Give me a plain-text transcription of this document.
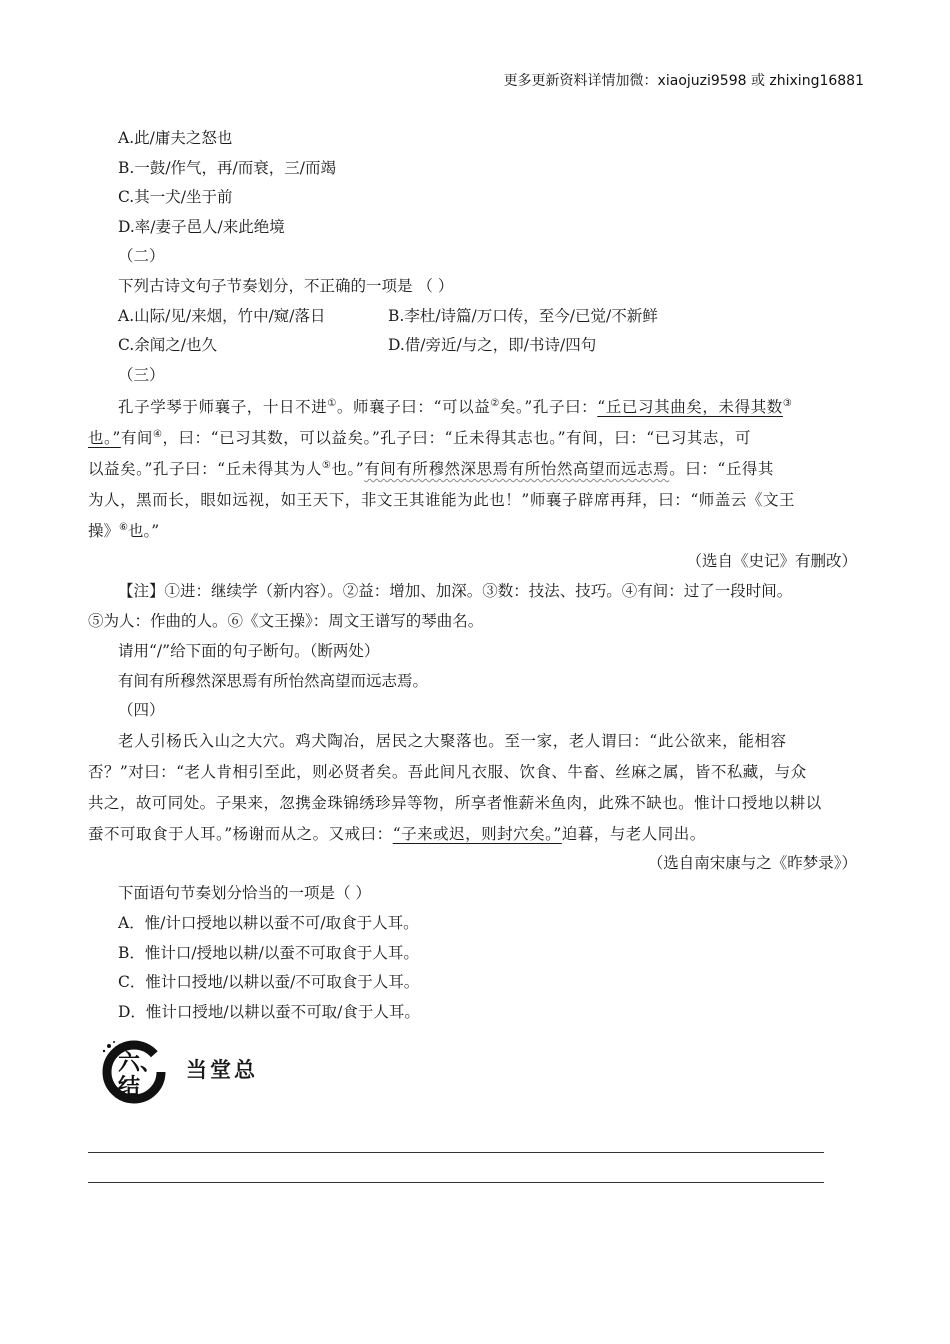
更多更新资料详情加微：xiaojuzi9598 或 zhixing16881
A.此/庸夫之怒也
B.一鼓/作气，再/而衰，三/而竭
C.其一犬/坐于前
D.率/妻子邑人/来此绝境
（二）
下列古诗文句子节奏划分，不正确的一项是 （ ）
A.山际/见/来烟，竹中/窥/落日	B.李杜/诗篇/万口传，至今/已觉/不新鲜
C.余闻之/也久	D.借/旁近/与之，即/书诗/四句
（三）
孔子学琴于师襄子，十日不进①。师襄子曰：“可以益②矣。”孔子曰：“丘已习其曲矣，未得其数③
也。”有间④，曰：“已习其数，可以益矣。”孔子曰：“丘未得其志也。”有间，曰：“已习其志，可
以益矣。”孔子曰：“丘未得其为人⑤也。”有间有所穆然深思焉有所怡然高望而远志焉。曰：“丘得其
为人，黑而长，眼如远视，如王天下，非文王其谁能为此也！”师襄子辟席再拜，曰：“师盖云《文王
操》⑥也。”
（选自《史记》有删改）
【注】①进：继续学（新内容）。②益：增加、加深。③数：技法、技巧。④有间：过了一段时间。
⑤为人：作曲的人。⑥《文王操》：周文王谱写的琴曲名。
请用“/”给下面的句子断句。（断两处）
有间有所穆然深思焉有所怡然高望而远志焉。
（四）
老人引杨氏入山之大穴。鸡犬陶冶，居民之大聚落也。至一家，老人谓曰：“此公欲来，能相容
否？”对曰：“老人肯相引至此，则必贤者矣。吾此间凡衣服、饮食、牛畜、丝麻之属，皆不私藏，与众
共之，故可同处。子果来，忽携金珠锦绣珍异等物，所享者惟薪米鱼肉，此殊不缺也。惟计口授地以耕以
蚕不可取食于人耳。”杨谢而从之。又戒曰：“子来或迟，则封穴矣。”迫暮，与老人同出。
（选自南宋康与之《昨梦录》）
下面语句节奏划分恰当的一项是（ ）
A．惟/计口授地以耕以蚕不可/取食于人耳。
B．惟计口/授地以耕/以蚕不可取食于人耳。
C．惟计口授地/以耕以蚕/不可取食于人耳。
D．惟计口授地/以耕以蚕不可取/食于人耳。
六、结
当堂总
